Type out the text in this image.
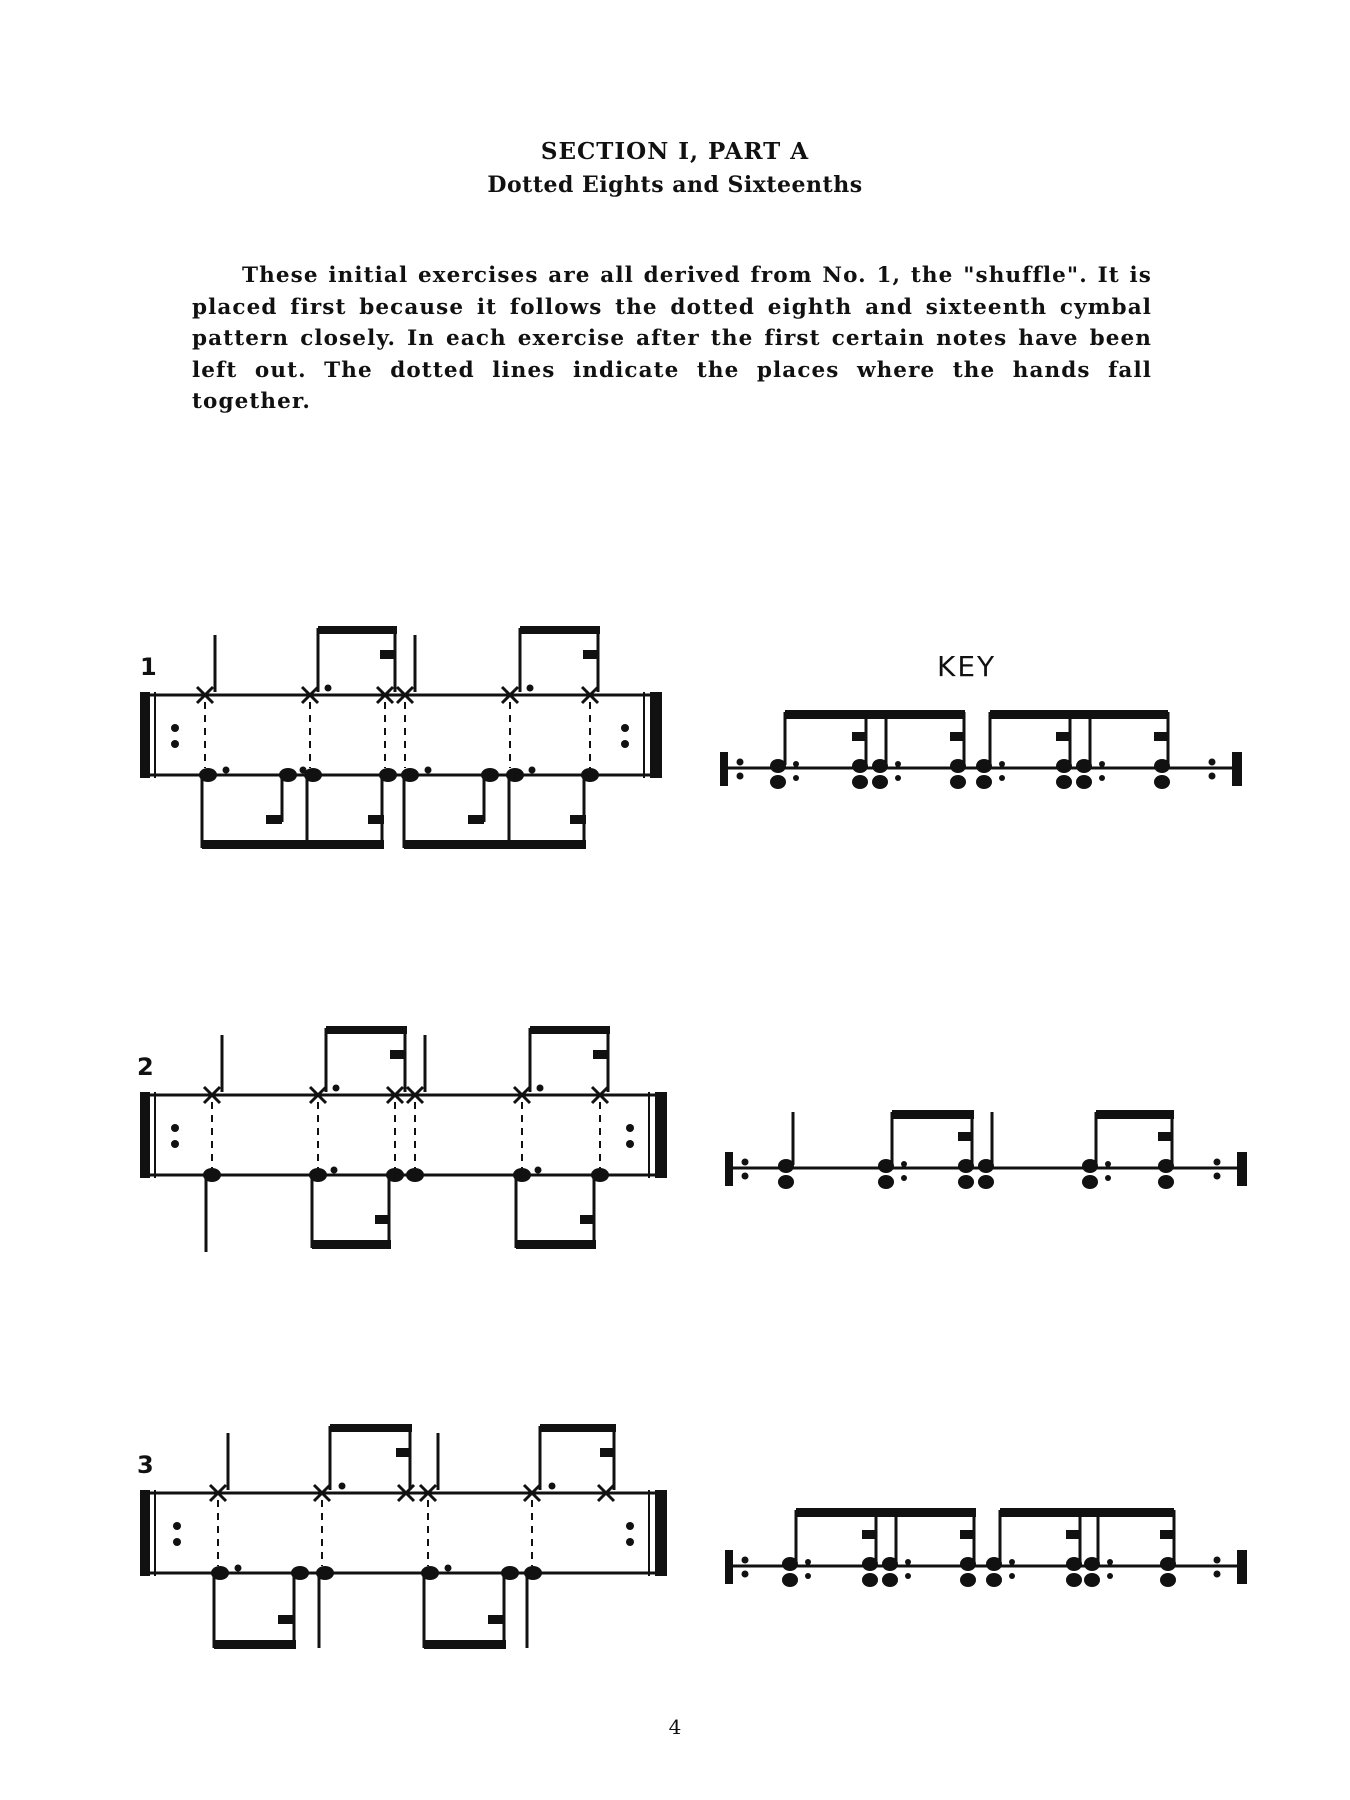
SECTION I, PART A
Dotted Eights and Sixteenths

These initial exercises are all derived from No. 1, the "shuffle". It is placed first because it follows the dotted eighth and sixteenth cymbal pattern closely. In each exercise after the first certain notes have been left out. The dotted lines indicate the places where the hands fall together.

1
2
3
KEY
4
